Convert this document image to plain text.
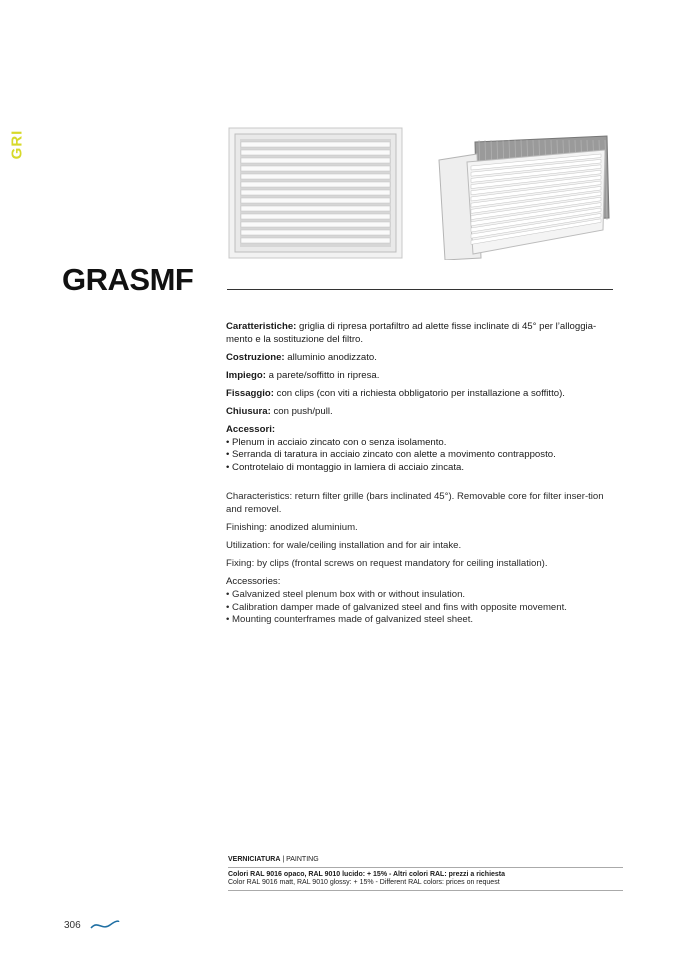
GRI
GRASMF

Caratteristiche: griglia di ripresa portafiltro ad alette fisse inclinate di 45° per l’alloggia-mento e la sostituzione del filtro.

Costruzione: alluminio anodizzato.

Impiego: a parete/soffitto in ripresa.

Fissaggio: con clips (con viti a richiesta obbligatorio per installazione a soffitto).

Chiusura: con push/pull.

Accessori:
• Plenum in acciaio zincato con o senza isolamento.
• Serranda di taratura in acciaio zincato con alette a movimento contrapposto.
• Controtelaio di montaggio in lamiera di acciaio zincata.

Characteristics: return filter grille (bars inclinated 45°). Removable core for filter inser-tion and removel.

Finishing: anodized aluminium.

Utilization: for wale/ceiling installation and for air intake.

Fixing: by clips (frontal screws on request mandatory for ceiling installation).

Accessories:
• Galvanized steel plenum box with or without insulation.
• Calibration damper made of galvanized steel and fins with opposite movement.
• Mounting counterframes made of galvanized steel sheet.
VERNICIATURA | PAINTING
Colori RAL 9016 opaco, RAL 9010 lucido: + 15% - Altri colori RAL: prezzi a richiesta
Color RAL 9016 matt, RAL 9010 glossy: + 15% - Different RAL colors: prices on request
306
